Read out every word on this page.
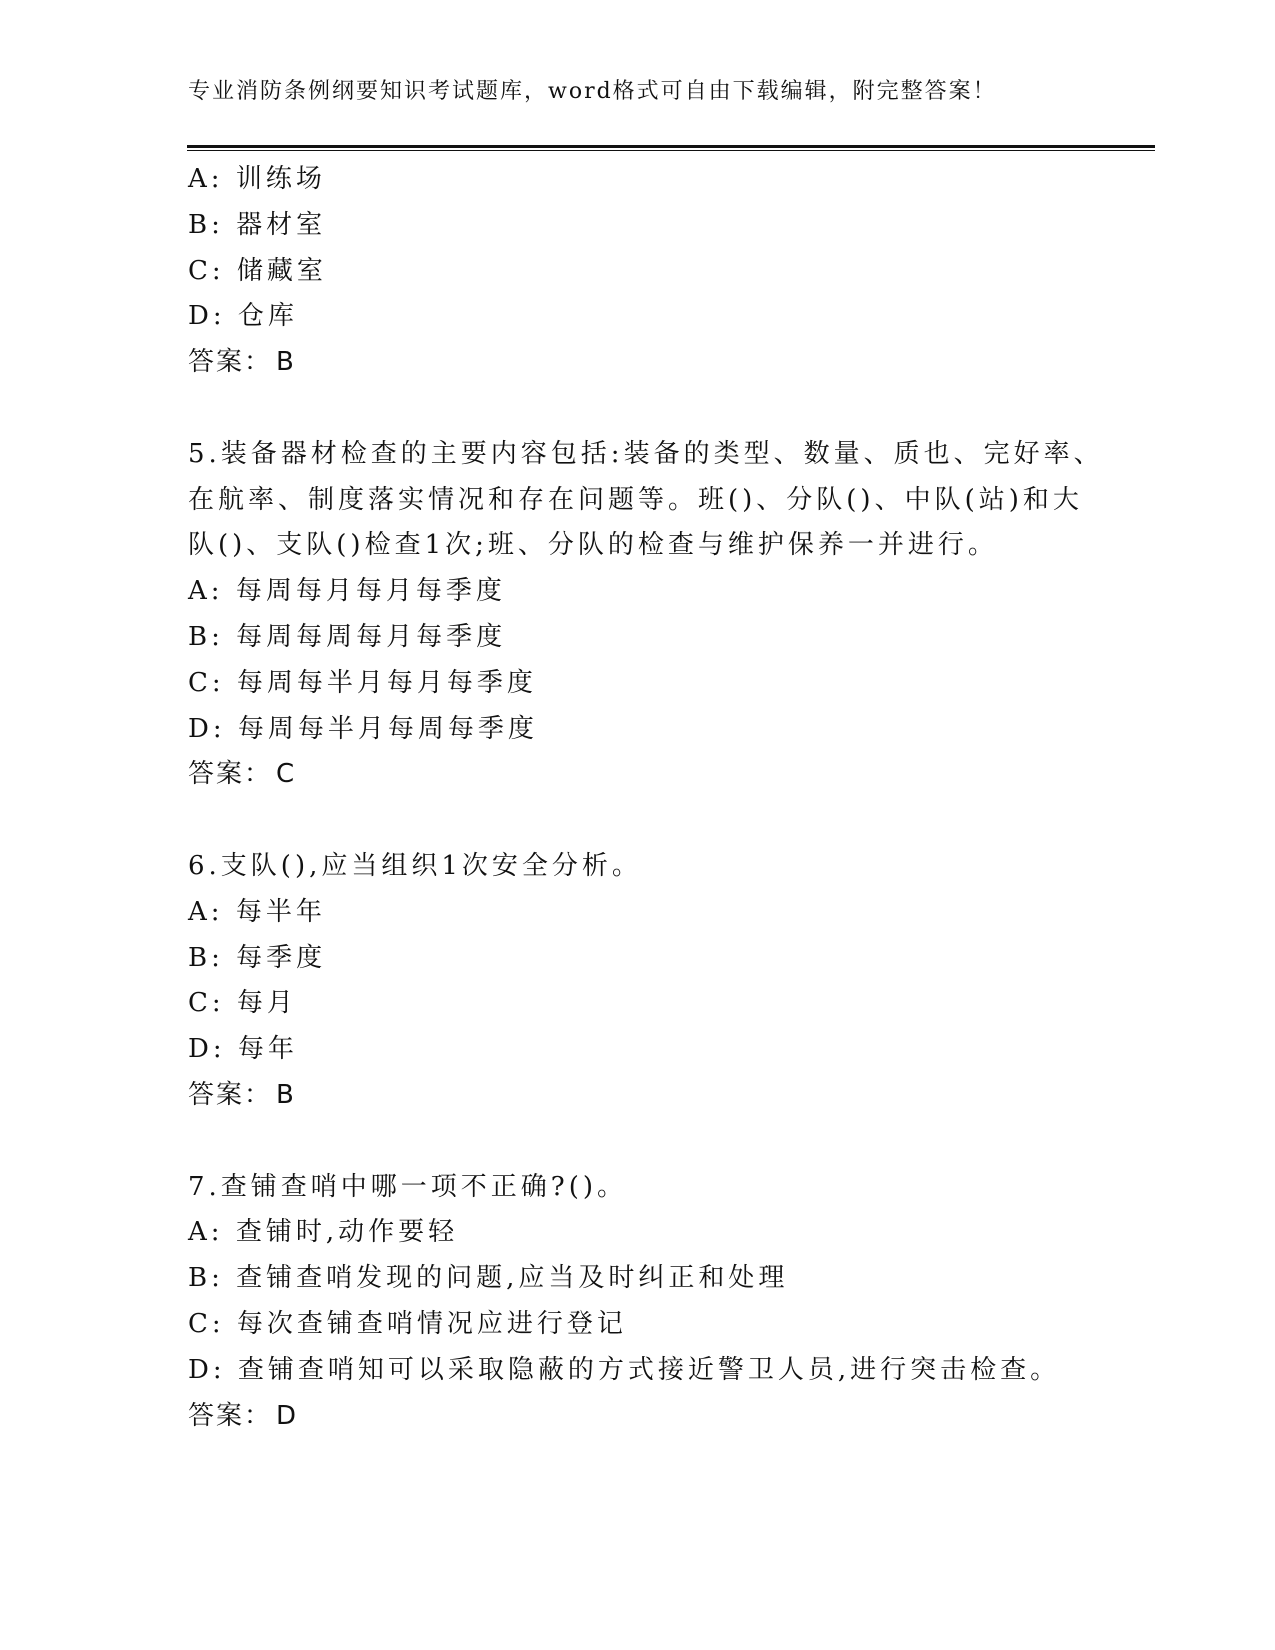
专业消防条例纲要知识考试题库，word格式可自由下载编辑，附完整答案！
A: 训练场
B: 器材室
C: 储藏室
D: 仓库
答案： B
5.装备器材检查的主要内容包括:装备的类型、数量、质也、完好率、
在航率、制度落实情况和存在问题等。班()、分队()、中队(站)和大
队()、支队()检查1次;班、分队的检查与维护保养一并进行。
A: 每周每月每月每季度
B: 每周每周每月每季度
C: 每周每半月每月每季度
D: 每周每半月每周每季度
答案： C
6.支队(),应当组织1次安全分析。
A: 每半年
B: 每季度
C: 每月
D: 每年
答案： B
7.查铺查哨中哪一项不正确?()。
A: 查铺时,动作要轻
B: 查铺查哨发现的问题,应当及时纠正和处理
C: 每次查铺查哨情况应进行登记
D: 查铺查哨知可以采取隐蔽的方式接近警卫人员,进行突击检查。
答案： D
